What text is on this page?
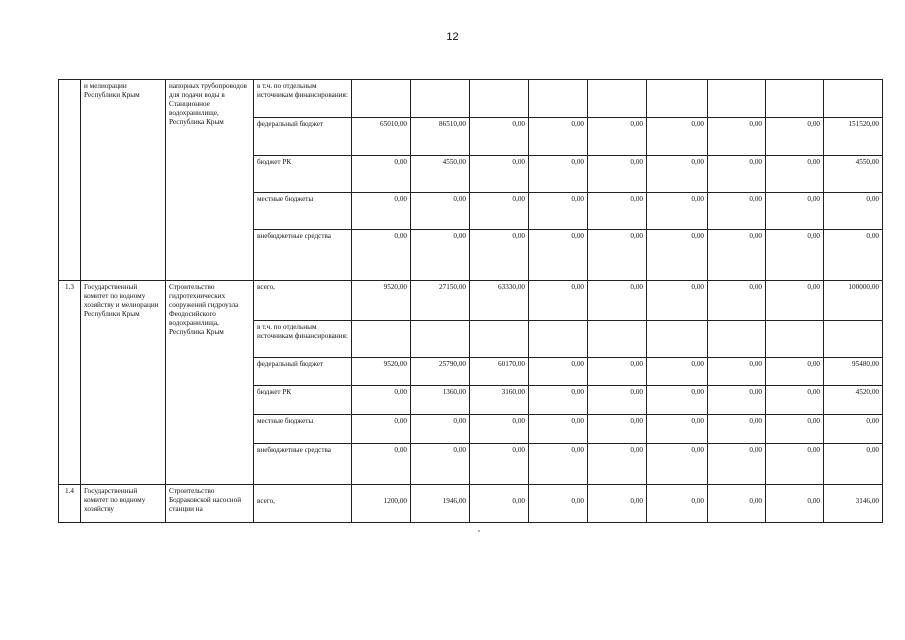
12
	и мелиорации Республики Крым	напорных трубопроводов для подачи воды в Станционное водохранилище, Республика Крым	в т.ч. по отдельным источникам финансирования:									
			федеральный бюджет	65010,00	86510,00	0,00	0,00	0,00	0,00	0,00	0,00	151520,00
			бюджет РК	0,00	4550,00	0,00	0,00	0,00	0,00	0,00	0,00	4550,00
			местные бюджеты	0,00	0,00	0,00	0,00	0,00	0,00	0,00	0,00	0,00
			внебюджетные средства	0,00	0,00	0,00	0,00	0,00	0,00	0,00	0,00	0,00
1.3	Государственный комитет по водному хозяйству и мелиорации Республики Крым	Строительство гидротехнических сооружений гидроузла Феодосийского водохранилища, Республика Крым	всего,	9520,00	27150,00	63330,00	0,00	0,00	0,00	0,00	0,00	100000,00
			в т.ч. по отдельным источникам финансирования:									
			федеральный бюджет	9520,00	25790,00	60170,00	0,00	0,00	0,00	0,00	0,00	95480,00
			бюджет РК	0,00	1360,00	3160,00	0,00	0,00	0,00	0,00	0,00	4520,00
			местные бюджеты	0,00	0,00	0,00	0,00	0,00	0,00	0,00	0,00	0,00
			внебюджетные средства	0,00	0,00	0,00	0,00	0,00	0,00	0,00	0,00	0,00
1.4	Государственный комитет по водному хозяйству	Строительство Бодраковской насосной станции на	всего,	1200,00	1946,00	0,00	0,00	0,00	0,00	0,00	0,00	3146,00
